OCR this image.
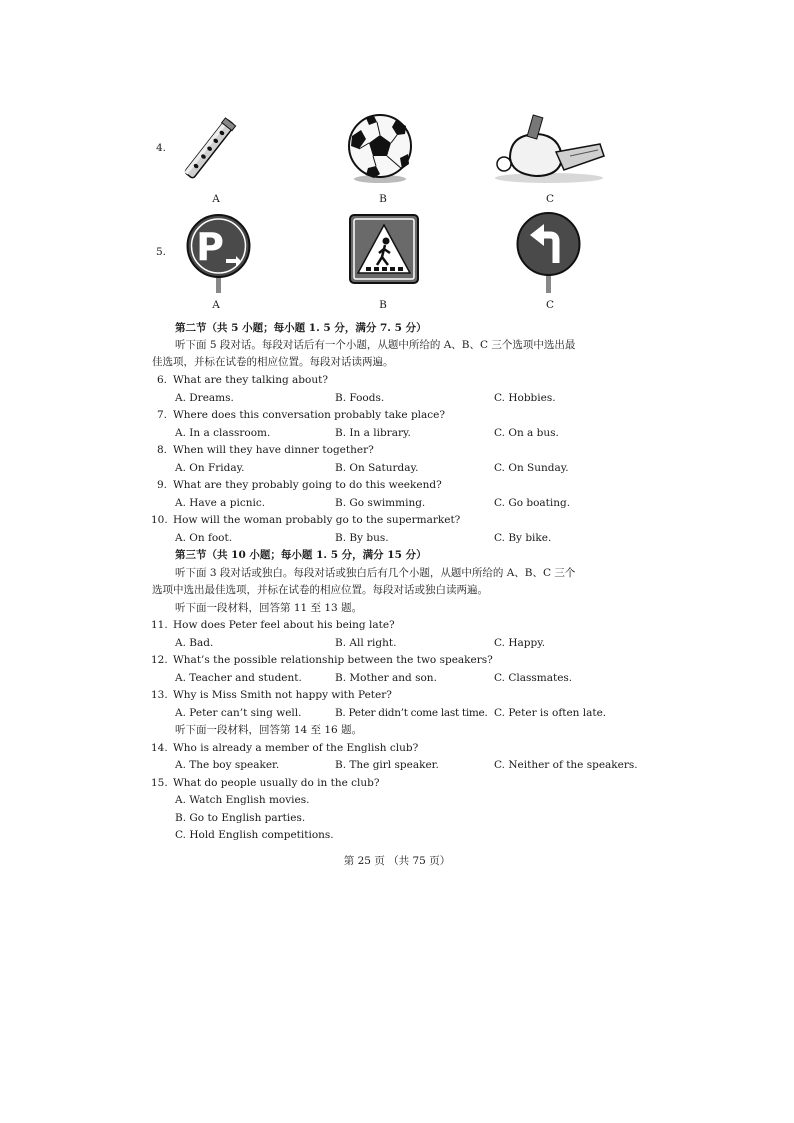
4.
A	B	C
5. P
A	B	C
第二节（共 5 小题；每小题 1. 5 分，满分 7. 5 分）
听下面 5 段对话。每段对话后有一个小题，从题中所给的 A、B、C 三个选项中选出最
佳选项，并标在试卷的相应位置。每段对话读两遍。
6. What are they talking about?
A. Dreams.	B. Foods.	C. Hobbies.
7. Where does this conversation probably take place?
A. In a classroom.	B. In a library.	C. On a bus.
8. When will they have dinner together?
A. On Friday.	B. On Saturday.	C. On Sunday.
9. What are they probably going to do this weekend?
A. Have a picnic.	B. Go swimming.	C. Go boating.
10. How will the woman probably go to the supermarket?
A. On foot.	B. By bus.	C. By bike.
第三节（共 10 小题；每小题 1. 5 分，满分 15 分）
听下面 3 段对话或独白。每段对话或独白后有几个小题，从题中所给的 A、B、C 三个
选项中选出最佳选项，并标在试卷的相应位置。每段对话或独白读两遍。
听下面一段材料，回答第 11 至 13 题。
11. How does Peter feel about his being late?
A. Bad.	B. All right.	C. Happy.
12. What’s the possible relationship between the two speakers?
A. Teacher and student.	B. Mother and son.	C. Classmates.
13. Why is Miss Smith not happy with Peter?
A. Peter can’t sing well.	B. Peter didn’t come last time. C. Peter is often late.
听下面一段材料，回答第 14 至 16 题。
14. Who is already a member of the English club?
A. The boy speaker.	B. The girl speaker.	C. Neither of the speakers.
15. What do people usually do in the club?
A. Watch English movies.
B. Go to English parties.
C. Hold English competitions.
第 25 页 （共 75 页）
